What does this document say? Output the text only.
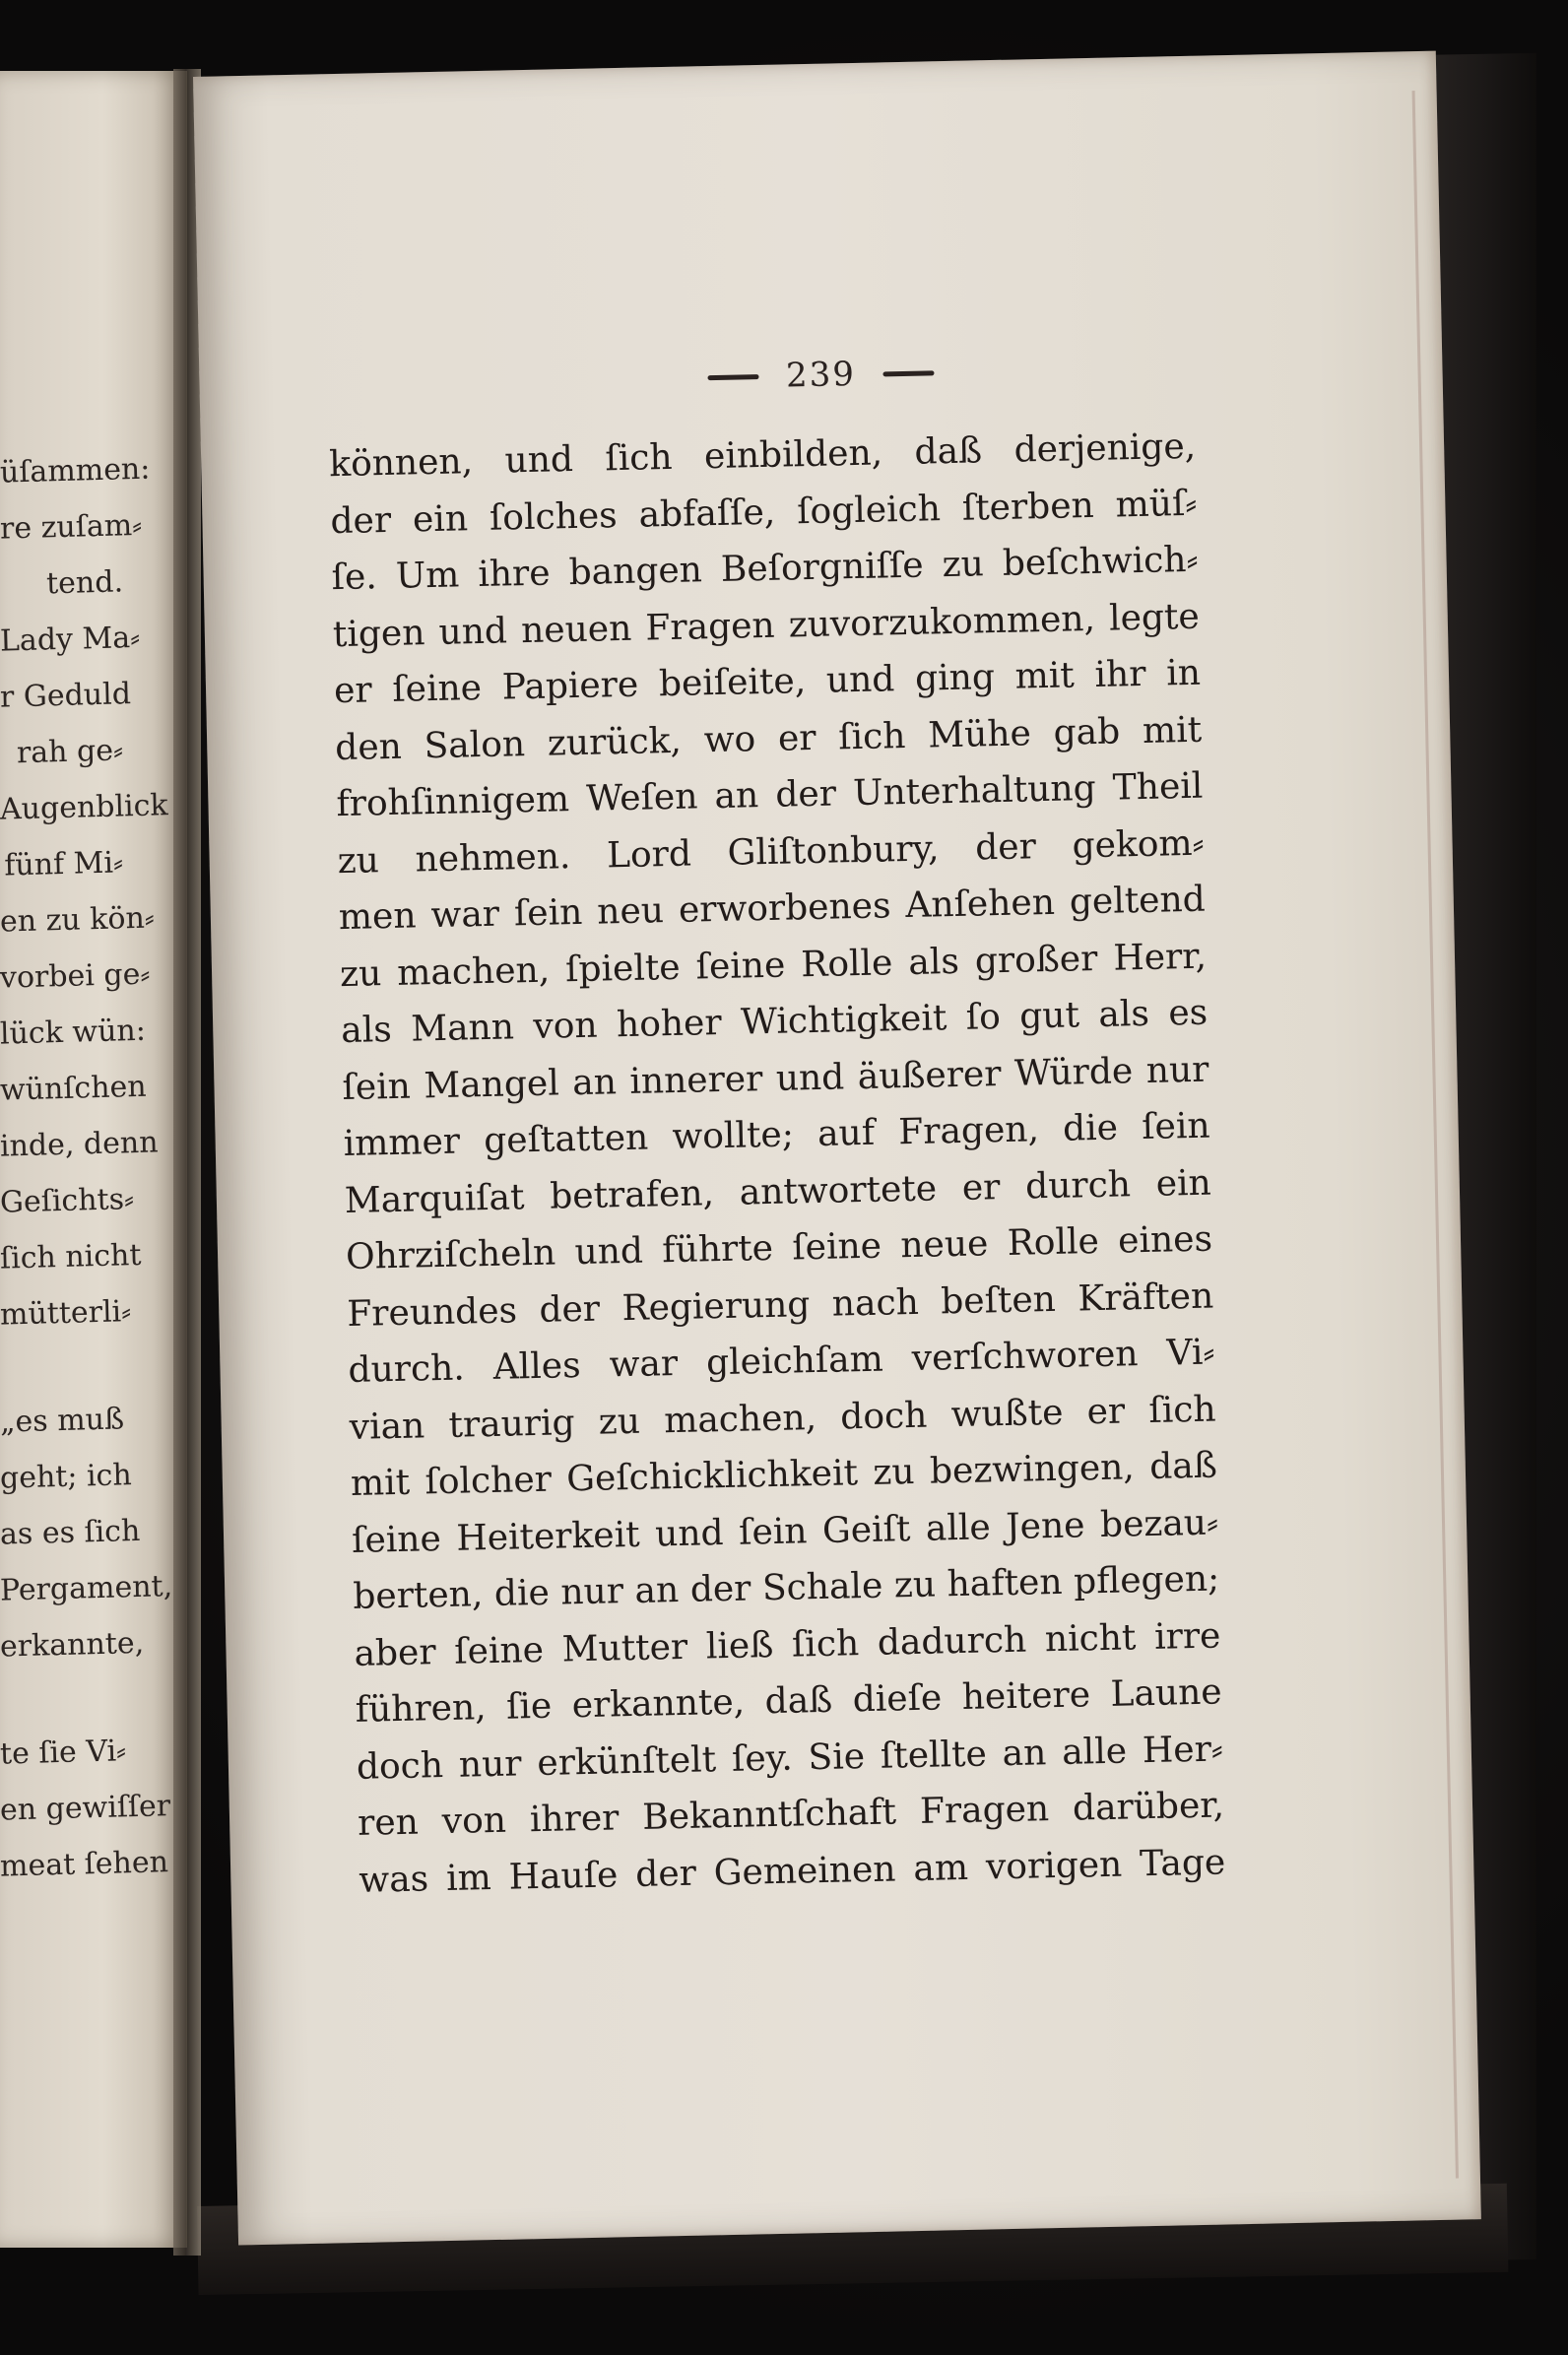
üſammen:
re zuſam⸗
tend.
Lady Ma⸗
r Geduld
rah ge⸗
Augenblick
fünf Mi⸗
en zu kön⸗
vorbei ge⸗
lück wün:
wünſchen
inde, denn
Geſichts⸗
ſich nicht
mütterli⸗
„es muß
geht; ich
as es ſich
Pergament,
erkannte,
te ſie Vi⸗
en gewiſſer
meat ſehen
239
können, und ſich einbilden, daß derjenige,
der ein ſolches abfaſſe, ſogleich ſterben müſ⸗
ſe. Um ihre bangen Beſorgniſſe zu beſchwich⸗
tigen und neuen Fragen zuvorzukommen, legte
er ſeine Papiere beiſeite, und ging mit ihr in
den Salon zurück, wo er ſich Mühe gab mit
frohſinnigem Weſen an der Unterhaltung Theil
zu nehmen. Lord Gliſtonbury, der gekom⸗
men war ſein neu erworbenes Anſehen geltend
zu machen, ſpielte ſeine Rolle als großer Herr,
als Mann von hoher Wichtigkeit ſo gut als es
ſein Mangel an innerer und äußerer Würde nur
immer geſtatten wollte; auf Fragen, die ſein
Marquiſat betrafen, antwortete er durch ein
Ohrziſcheln und führte ſeine neue Rolle eines
Freundes der Regierung nach beſten Kräften
durch. Alles war gleichſam verſchworen Vi⸗
vian traurig zu machen, doch wußte er ſich
mit ſolcher Geſchicklichkeit zu bezwingen, daß
ſeine Heiterkeit und ſein Geiſt alle Jene bezau⸗
berten, die nur an der Schale zu haften pflegen;
aber ſeine Mutter ließ ſich dadurch nicht irre
führen, ſie erkannte, daß dieſe heitere Laune
doch nur erkünſtelt ſey. Sie ſtellte an alle Her⸗
ren von ihrer Bekanntſchaft Fragen darüber,
was im Hauſe der Gemeinen am vorigen Tage
